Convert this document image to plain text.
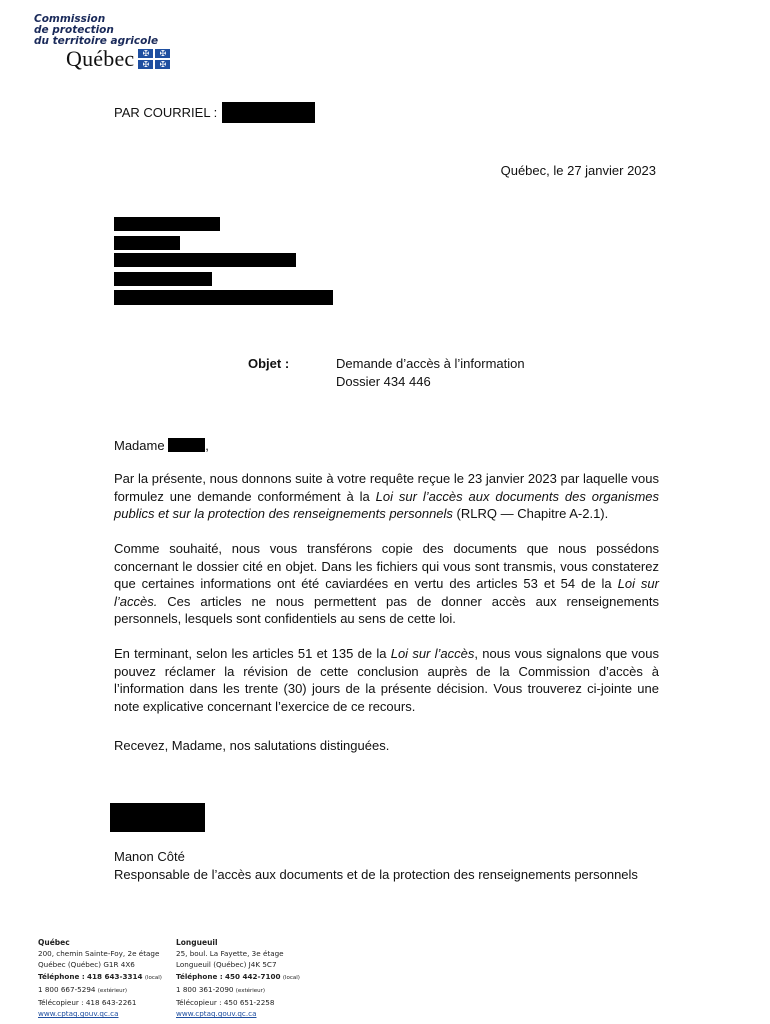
Commission
de protection
du territoire agricole
Québec	✠	✠
✠	✠
PAR COURRIEL :
Québec, le 27 janvier 2023
Objet :	Demande d’accès à l’information
Dossier 434 446
Madame	,
Par la présente, nous donnons suite à votre requête reçue le 23 janvier 2023 par laquelle vous formulez une demande conformément à la Loi sur l’accès aux documents des organismes publics et sur la protection des renseignements personnels (RLRQ — Chapitre A-2.1).
Comme souhaité, nous vous transférons copie des documents que nous possédons concernant le dossier cité en objet. Dans les fichiers qui vous sont transmis, vous constaterez que certaines informations ont été caviardées en vertu des articles 53 et 54 de la Loi sur l’accès. Ces articles ne nous permettent pas de donner accès aux renseignements personnels, lesquels sont confidentiels au sens de cette loi.
En terminant, selon les articles 51 et 135 de la Loi sur l’accès, nous vous signalons que vous pouvez réclamer la révision de cette conclusion auprès de la Commission d’accès à l’information dans les trente (30) jours de la présente décision. Vous trouverez ci-jointe une note explicative concernant l’exercice de ce recours.
Recevez, Madame, nos salutations distinguées.
Manon Côté
Responsable de l’accès aux documents et de la protection des renseignements personnels
Québec
200, chemin Sainte-Foy, 2e étage
Québec (Québec) G1R 4X6
Téléphone : 418 643-3314 (local)
1 800 667-5294 (extérieur)
Télécopieur : 418 643-2261
www.cptaq.gouv.qc.ca
Longueuil
25, boul. La Fayette, 3e étage
Longueuil (Québec) J4K 5C7
Téléphone : 450 442-7100 (local)
1 800 361-2090 (extérieur)
Télécopieur : 450 651-2258
www.cptaq.gouv.qc.ca
